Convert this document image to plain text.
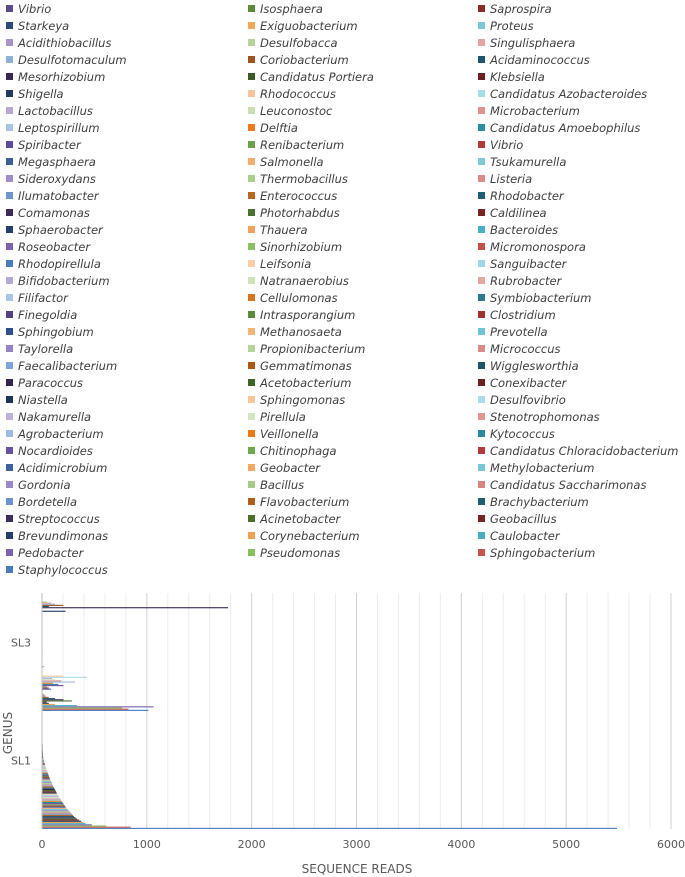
Vibrio	Isosphaera	Saprospira
Starkeya	Exiguobacterium	Proteus
Acidithiobacillus	Desulfobacca	Singulisphaera
Desulfotomaculum	Coriobacterium	Acidaminococcus
Mesorhizobium	Candidatus Portiera	Klebsiella
Shigella	Rhodococcus	Candidatus Azobacteroides
Lactobacillus	Leuconostoc	Microbacterium
Leptospirillum	Delftia	Candidatus Amoebophilus
Spiribacter	Renibacterium	Vibrio
Megasphaera	Salmonella	Tsukamurella
Sideroxydans	Thermobacillus	Listeria
Ilumatobacter	Enterococcus	Rhodobacter
Comamonas	Photorhabdus	Caldilinea
Sphaerobacter	Thauera	Bacteroides
Roseobacter	Sinorhizobium	Micromonospora
Rhodopirellula	Leifsonia	Sanguibacter
Bifidobacterium	Natranaerobius	Rubrobacter
Filifactor	Cellulomonas	Symbiobacterium
Finegoldia	Intrasporangium	Clostridium
Sphingobium	Methanosaeta	Prevotella
Taylorella	Propionibacterium	Micrococcus
Faecalibacterium	Gemmatimonas	Wigglesworthia
Paracoccus	Acetobacterium	Conexibacter
Niastella	Sphingomonas	Desulfovibrio
Nakamurella	Pirellula	Stenotrophomonas
Agrobacterium	Veillonella	Kytococcus
Nocardioides	Chitinophaga	Candidatus Chloracidobacterium
Acidimicrobium	Geobacter	Methylobacterium
Gordonia	Bacillus	Candidatus Saccharimonas
Bordetella	Flavobacterium	Brachybacterium
Streptococcus	Acinetobacter	Geobacillus
Brevundimonas	Corynebacterium	Caulobacter
Pedobacter	Pseudomonas	Sphingobacterium
Staphylococcus
0	1000	2000	3000	4000	5000	6000
SL1
SL3
SEQUENCE READS
GENUS
